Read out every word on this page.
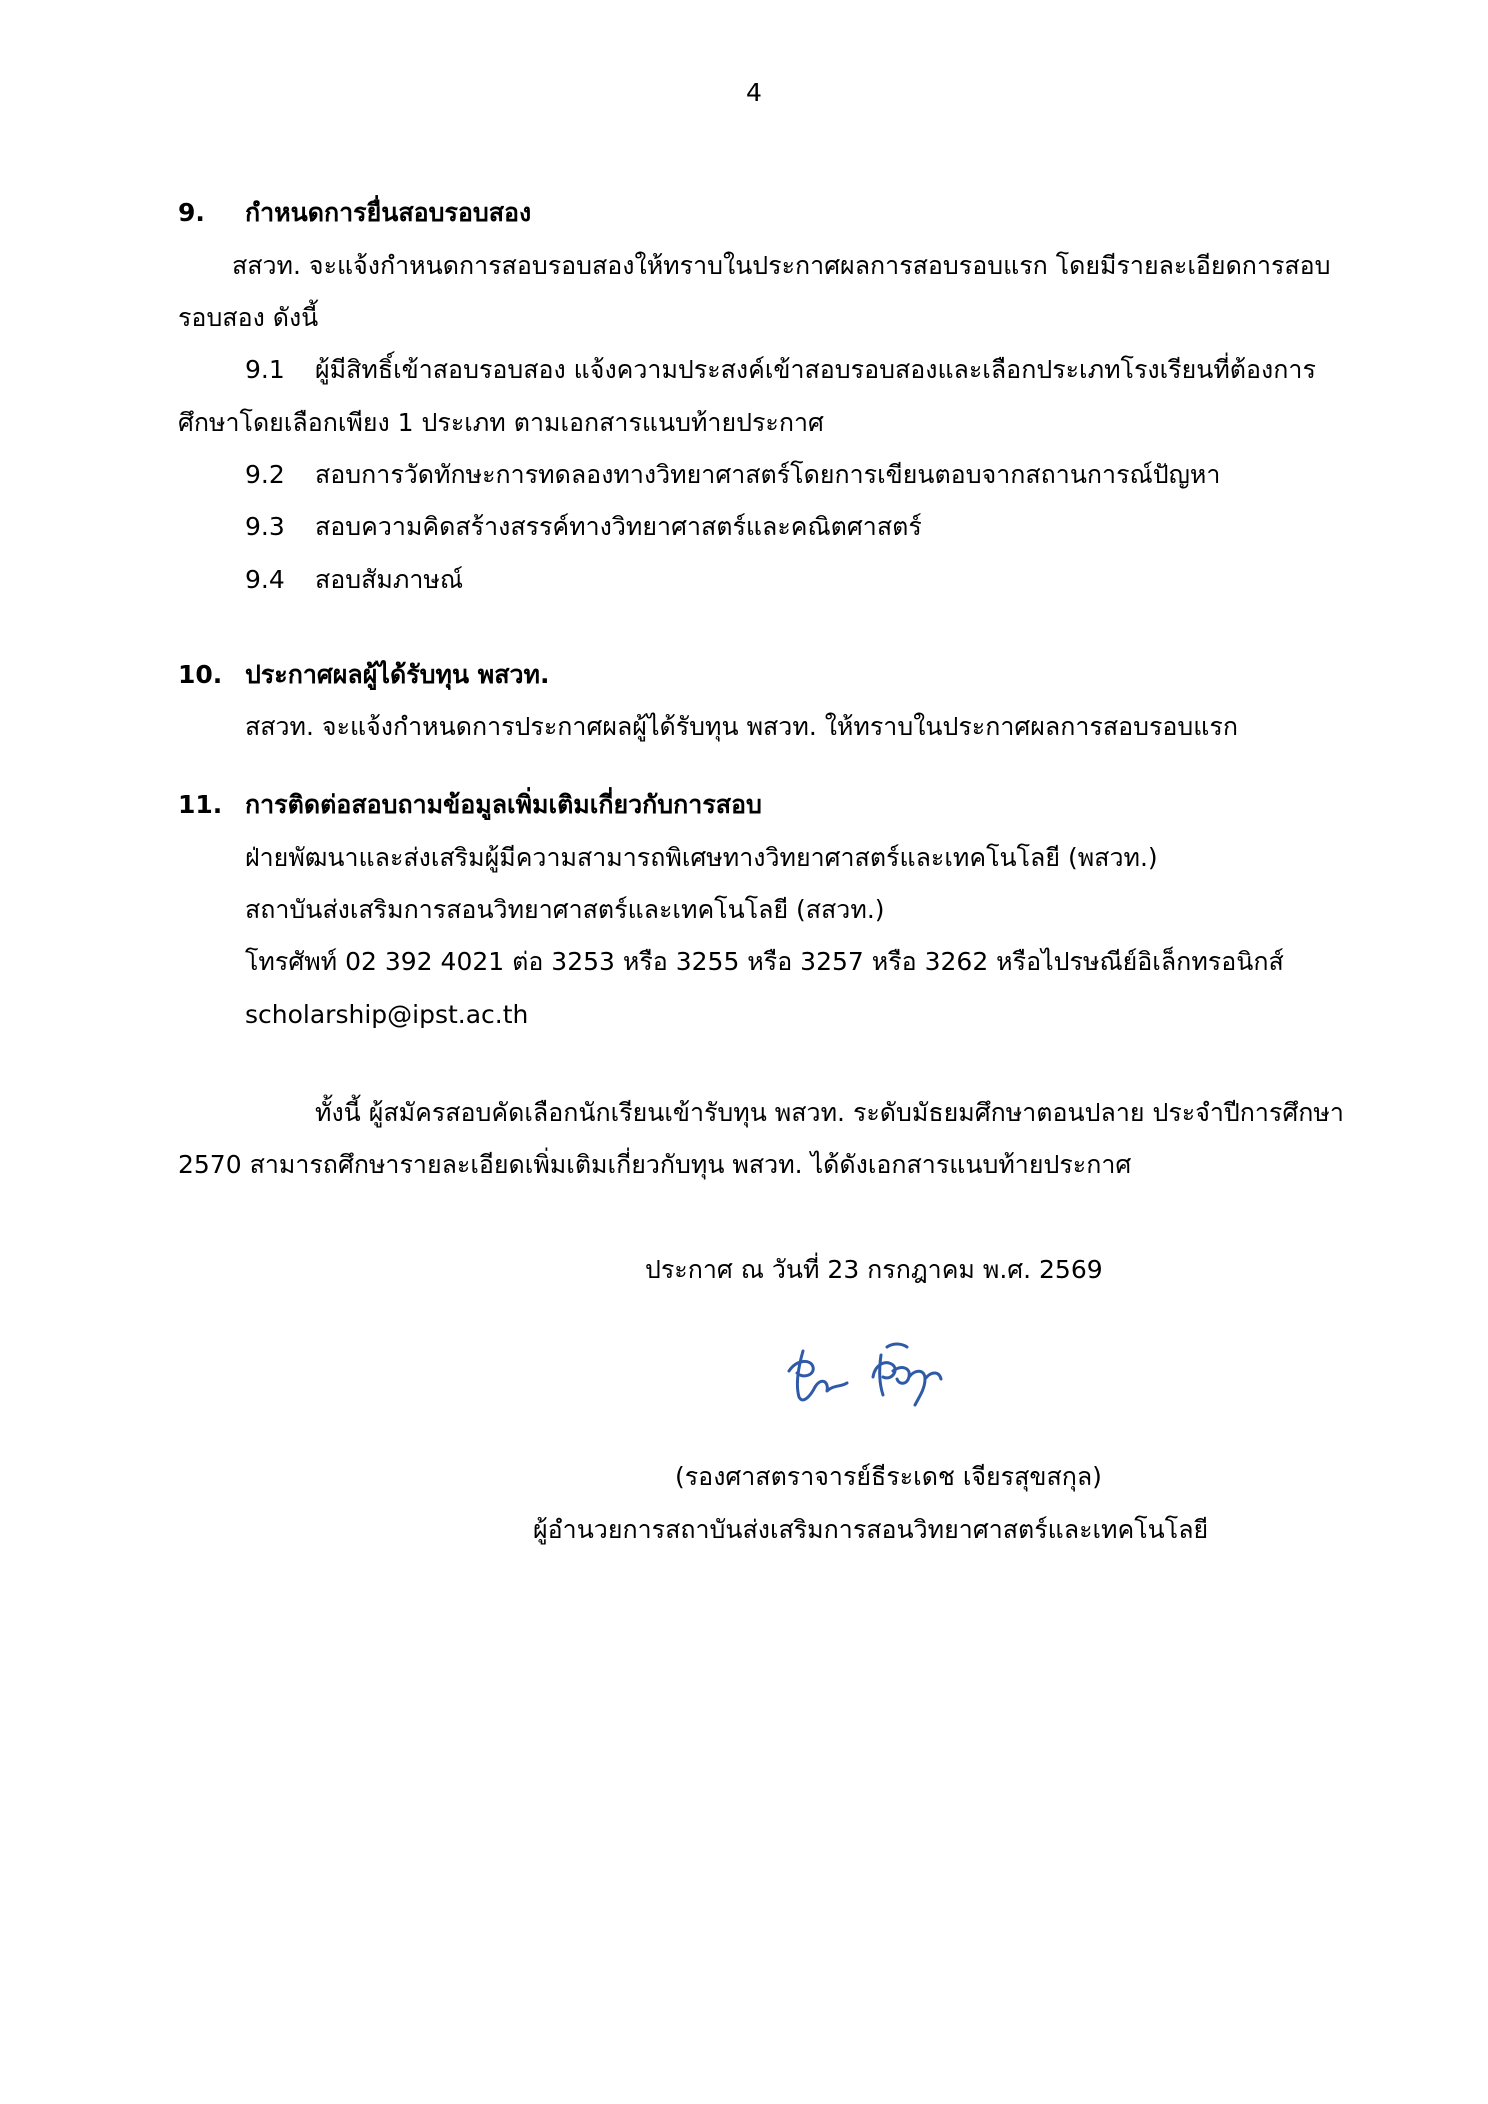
4
9. กำหนดการยื่นสอบรอบสอง
สสวท. จะแจ้งกำหนดการสอบรอบสองให้ทราบในประกาศผลการสอบรอบแรก โดยมีรายละเอียดการสอบ
รอบสอง ดังนี้
9.1 ผู้มีสิทธิ์เข้าสอบรอบสอง แจ้งความประสงค์เข้าสอบรอบสองและเลือกประเภทโรงเรียนที่ต้องการ
ศึกษาโดยเลือกเพียง 1 ประเภท ตามเอกสารแนบท้ายประกาศ
9.2 สอบการวัดทักษะการทดลองทางวิทยาศาสตร์โดยการเขียนตอบจากสถานการณ์ปัญหา
9.3 สอบความคิดสร้างสรรค์ทางวิทยาศาสตร์และคณิตศาสตร์
9.4 สอบสัมภาษณ์
10. ประกาศผลผู้ได้รับทุน พสวท.
สสวท. จะแจ้งกำหนดการประกาศผลผู้ได้รับทุน พสวท. ให้ทราบในประกาศผลการสอบรอบแรก
11. การติดต่อสอบถามข้อมูลเพิ่มเติมเกี่ยวกับการสอบ
ฝ่ายพัฒนาและส่งเสริมผู้มีความสามารถพิเศษทางวิทยาศาสตร์และเทคโนโลยี (พสวท.)
สถาบันส่งเสริมการสอนวิทยาศาสตร์และเทคโนโลยี (สสวท.)
โทรศัพท์ 02 392 4021 ต่อ 3253 หรือ 3255 หรือ 3257 หรือ 3262 หรือไปรษณีย์อิเล็กทรอนิกส์
scholarship@ipst.ac.th
ทั้งนี้ ผู้สมัครสอบคัดเลือกนักเรียนเข้ารับทุน พสวท. ระดับมัธยมศึกษาตอนปลาย ประจำปีการศึกษา
2570 สามารถศึกษารายละเอียดเพิ่มเติมเกี่ยวกับทุน พสวท. ได้ดังเอกสารแนบท้ายประกาศ
ประกาศ ณ วันที่ 23 กรกฎาคม พ.ศ. 2569
(รองศาสตราจารย์ธีระเดช เจียรสุขสกุล)
ผู้อำนวยการสถาบันส่งเสริมการสอนวิทยาศาสตร์และเทคโนโลยี
